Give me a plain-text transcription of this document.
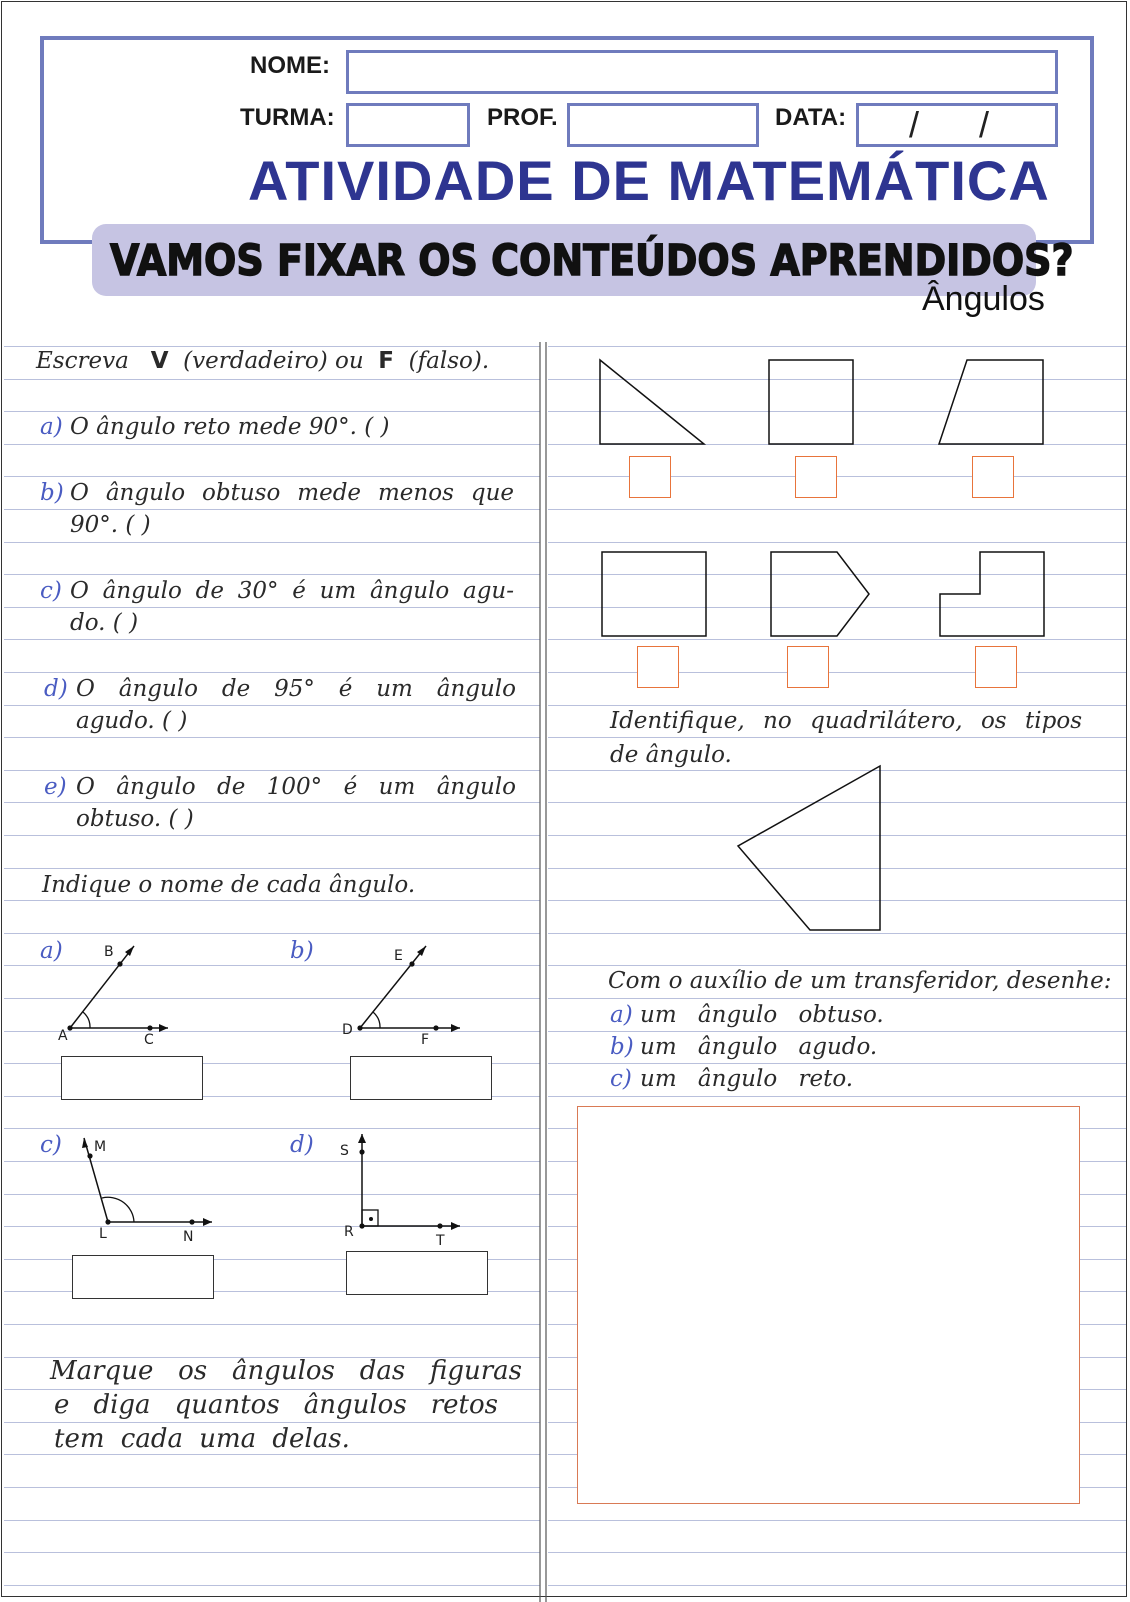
NOME:
TURMA:	PROF.	DATA: /      /
ATIVIDADE DE MATEMÁTICA
VAMOS FIXAR OS CONTEÚDOS APRENDIDOS?
Ângulos
Escreva V (verdadeiro) ou F (falso).
a) O ângulo reto mede 90°. ( )
b) O ângulo obtuso mede menos que
90°. ( )
c) O ângulo de 30° é um ângulo agu-
do. ( )
d) O ângulo de 95° é um ângulo
agudo. ( )
e) O ângulo de 100° é um ângulo
obtuso. ( )
Indique o nome de cada ângulo.
a)	B
A	C
b)	E
D
F
c) M
L	N
d) S
R
T
Marque os ângulos das figuras
e diga quantos ângulos retos
tem cada uma delas.
Identifique, no quadrilátero, os tipos
de ângulo.
Com o auxílio de um transferidor, desenhe:
a) um ângulo obtuso.
b) um ângulo agudo.
c) um ângulo reto.
